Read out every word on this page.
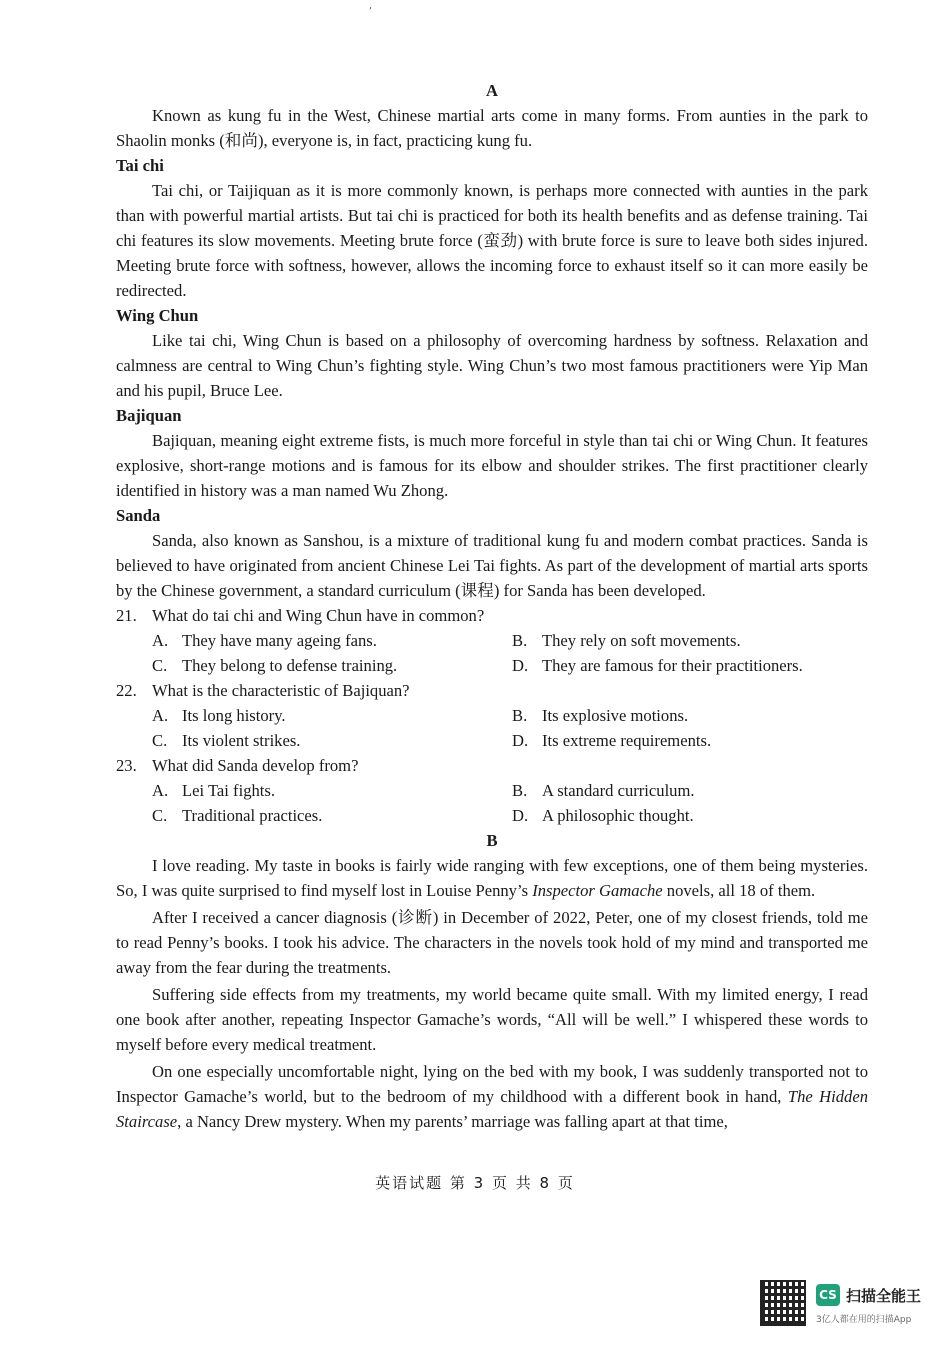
,

A

Known as kung fu in the West, Chinese martial arts come in many forms. From aunties in the park to Shaolin monks (和尚), everyone is, in fact, practicing kung fu.

Tai chi

Tai chi, or Taijiquan as it is more commonly known, is perhaps more connected with aunties in the park than with powerful martial artists. But tai chi is practiced for both its health benefits and as defense training. Tai chi features its slow movements. Meeting brute force (蛮劲) with brute force is sure to leave both sides injured. Meeting brute force with softness, however, allows the incoming force to exhaust itself so it can more easily be redirected.

Wing Chun

Like tai chi, Wing Chun is based on a philosophy of overcoming hardness by softness. Relaxation and calmness are central to Wing Chun’s fighting style. Wing Chun’s two most famous practitioners were Yip Man and his pupil, Bruce Lee.

Bajiquan

Bajiquan, meaning eight extreme fists, is much more forceful in style than tai chi or Wing Chun. It features explosive, short-range motions and is famous for its elbow and shoulder strikes. The first practitioner clearly identified in history was a man named Wu Zhong.

Sanda

Sanda, also known as Sanshou, is a mixture of traditional kung fu and modern combat practices. Sanda is believed to have originated from ancient Chinese Lei Tai fights. As part of the development of martial arts sports by the Chinese government, a standard curriculum (课程) for Sanda has been developed.

21. What do tai chi and Wing Chun have in common?

A. They have many ageing fans.	B. They rely on soft movements.
C. They belong to defense training.	D. They are famous for their practitioners.

22. What is the characteristic of Bajiquan?

A. Its long history.	B. Its explosive motions.
C. Its violent strikes.	D. Its extreme requirements.

23. What did Sanda develop from?

A. Lei Tai fights.	B. A standard curriculum.
C. Traditional practices.	D. A philosophic thought.

B

I love reading. My taste in books is fairly wide ranging with few exceptions, one of them being mysteries. So, I was quite surprised to find myself lost in Louise Penny’s Inspector Gamache novels, all 18 of them.

After I received a cancer diagnosis (诊断) in December of 2022, Peter, one of my closest friends, told me to read Penny’s books. I took his advice. The characters in the novels took hold of my mind and transported me away from the fear during the treatments.

Suffering side effects from my treatments, my world became quite small. With my limited energy, I read one book after another, repeating Inspector Gamache’s words, “All will be well.” I whispered these words to myself before every medical treatment.

On one especially uncomfortable night, lying on the bed with my book, I was suddenly transported not to Inspector Gamache’s world, but to the bedroom of my childhood with a different book in hand, The Hidden Staircase, a Nancy Drew mystery. When my parents’ marriage was falling apart at that time,

英语试题 第 3 页 共 8 页
CS 扫描全能王
3亿人都在用的扫描App
